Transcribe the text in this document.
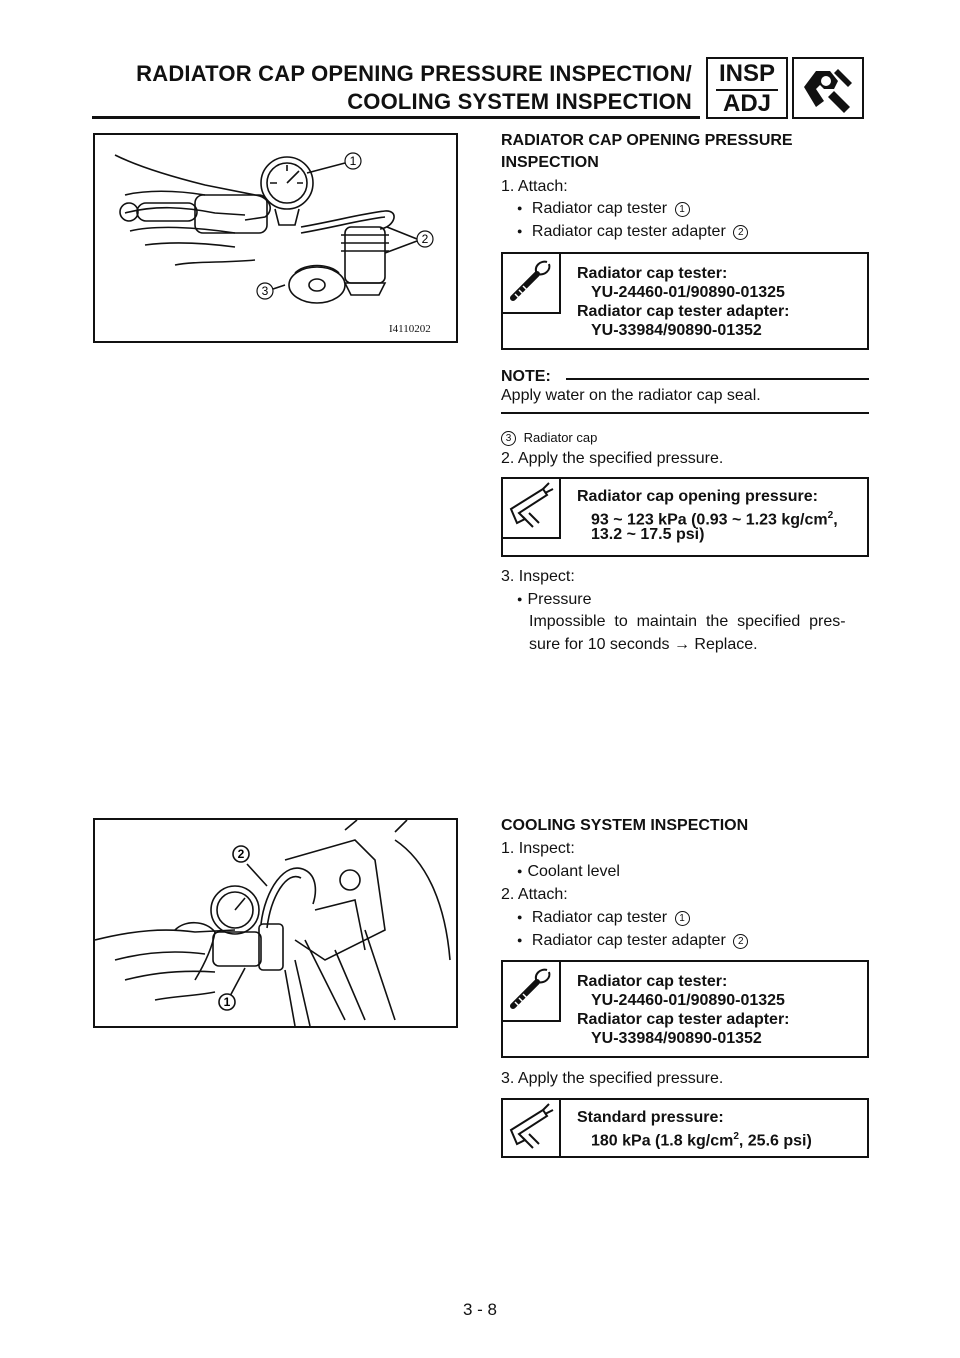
RADIATOR CAP OPENING PRESSURE INSPECTION/
COOLING SYSTEM INSPECTION
INSP
ADJ
1
2
3
I4110202
RADIATOR CAP OPENING PRESSURE
INSPECTION
1. Attach:
● Radiator cap tester 1
● Radiator cap tester adapter 2
Radiator cap tester:
YU-24460-01/90890-01325
Radiator cap tester adapter:
YU-33984/90890-01352
NOTE:
Apply water on the radiator cap seal.
3 Radiator cap
2. Apply the specified pressure.
Radiator cap opening pressure:
93 ~ 123 kPa (0.93 ~ 1.23 $kg/cm^2$,
13.2 ~ 17.5 psi)
3. Inspect:
● Pressure
Impossible  to  maintain  the  specified  pres-
sure for 10 seconds → Replace.
2
1
COOLING SYSTEM INSPECTION
1. Inspect:
● Coolant level
2. Attach:
● Radiator cap tester 1
● Radiator cap tester adapter 2
Radiator cap tester:
YU-24460-01/90890-01325
Radiator cap tester adapter:
YU-33984/90890-01352
3. Apply the specified pressure.
Standard pressure:
180 kPa (1.8 $kg/cm^2$, 25.6 psi)
3 - 8
